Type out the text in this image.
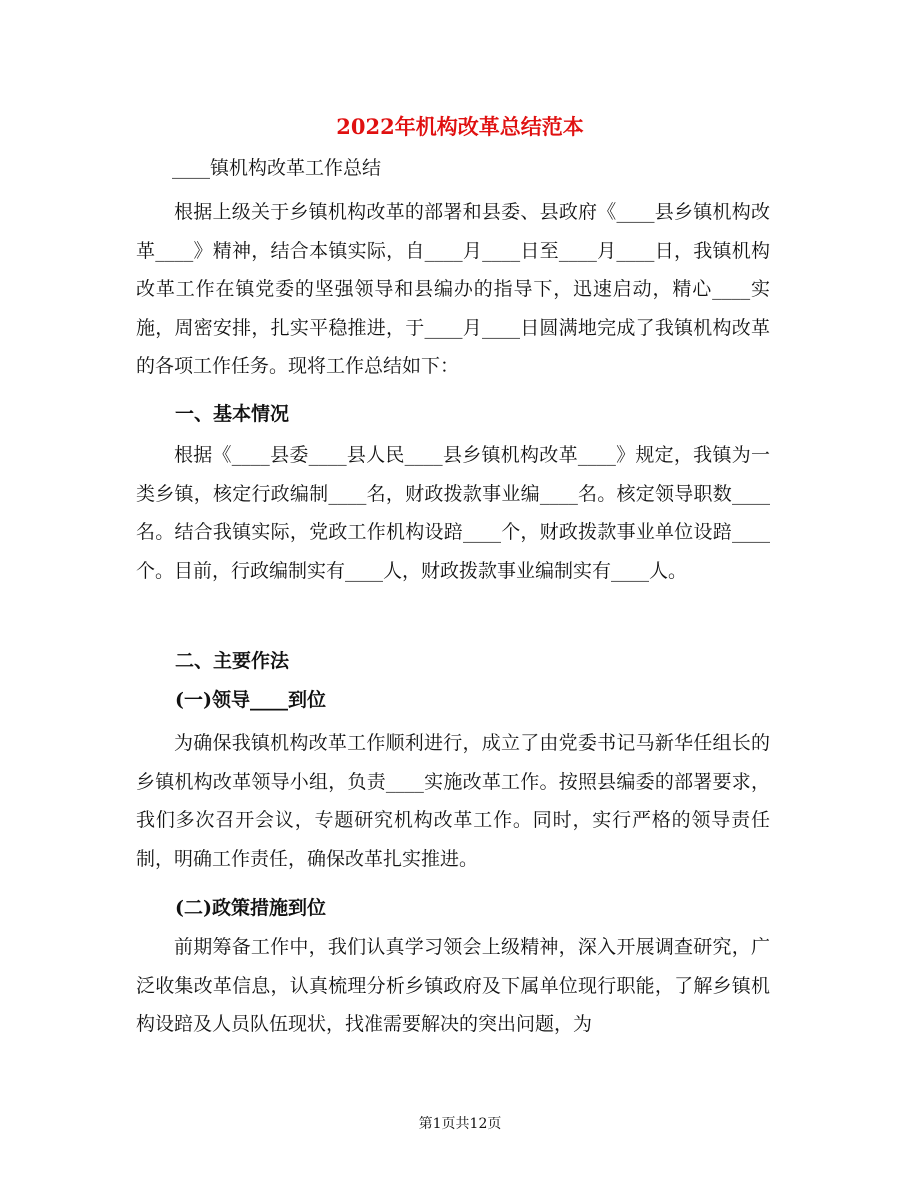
2022年机构改革总结范本
____镇机构改革工作总结

根据上级关于乡镇机构改革的部署和县委、县政府《____县乡镇机构改革____》精神，结合本镇实际，自____月____日至____月____日，我镇机构改革工作在镇党委的坚强领导和县编办的指导下，迅速启动，精心____实施，周密安排，扎实平稳推进，于____月____日圆满地完成了我镇机构改革的各项工作任务。现将工作总结如下：

一、基本情况

根据《____县委____县人民____县乡镇机构改革____》规定，我镇为一类乡镇，核定行政编制____名，财政拨款事业编____名。核定领导职数____名。结合我镇实际，党政工作机构设踣____个，财政拨款事业单位设踣____个。目前，行政编制实有____人，财政拨款事业编制实有____人。

二、主要作法
(一)领导____到位

为确保我镇机构改革工作顺利进行，成立了由党委书记马新华任组长的乡镇机构改革领导小组，负责____实施改革工作。按照县编委的部署要求，我们多次召开会议，专题研究机构改革工作。同时，实行严格的领导责任制，明确工作责任，确保改革扎实推进。

(二)政策措施到位

前期筹备工作中，我们认真学习领会上级精神，深入开展调查研究，广泛收集改革信息，认真梳理分析乡镇政府及下属单位现行职能，了解乡镇机构设踣及人员队伍现状，找准需要解决的突出问题，为

第1页共12页
